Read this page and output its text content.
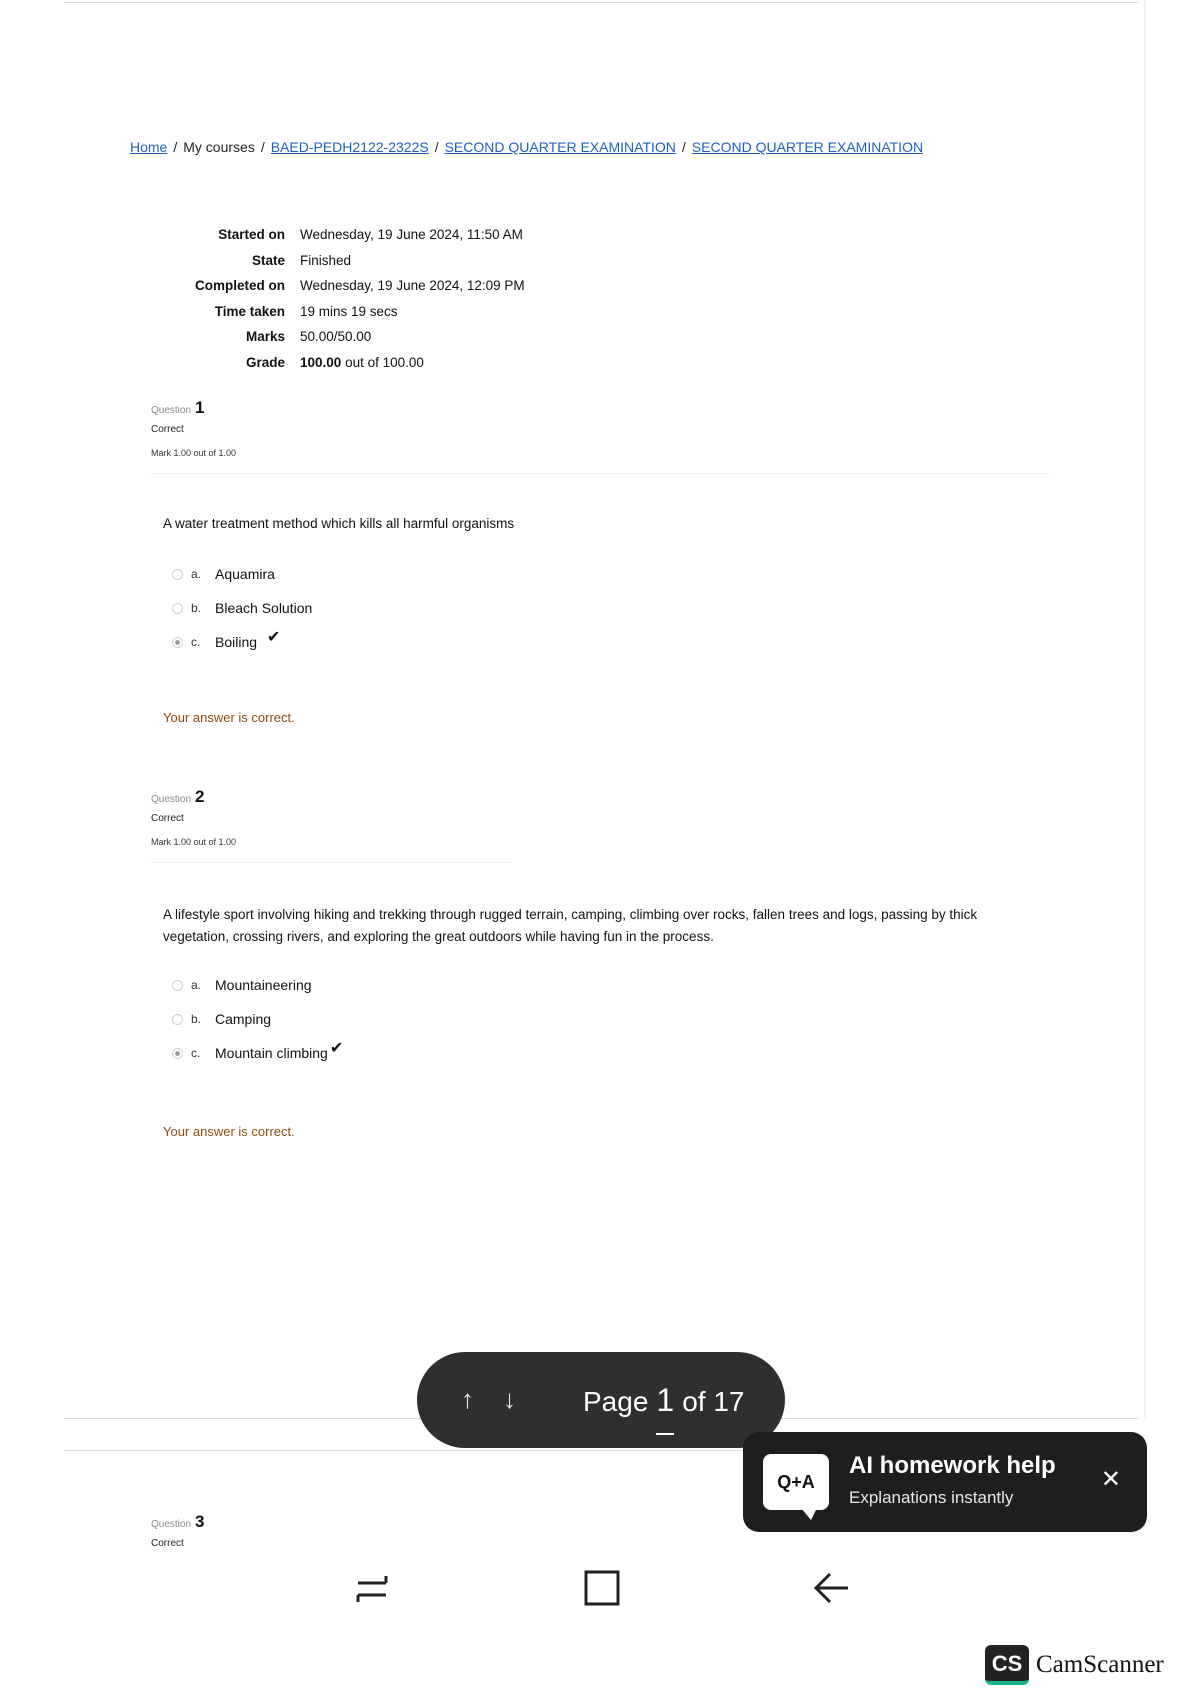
Home / My courses / BAED-PEDH2122-2322S / SECOND QUARTER EXAMINATION / SECOND QUARTER EXAMINATION
Started on	Wednesday, 19 June 2024, 11:50 AM
State	Finished
Completed on	Wednesday, 19 June 2024, 12:09 PM
Time taken	19 mins 19 secs
Marks	50.00/50.00
Grade	100.00 out of 100.00
Question 1
Correct
Mark 1.00 out of 1.00
A water treatment method which kills all harmful organisms
a. Aquamira
b. Bleach Solution
c.	Boiling ✔
Your answer is correct.
Question 2
Correct
Mark 1.00 out of 1.00
A lifestyle sport involving hiking and trekking through rugged terrain, camping, climbing over rocks, fallen trees and logs, passing by thick vegetation, crossing rivers, and exploring the great outdoors while having fun in the process.
a. Mountaineering
b. Camping
c.	Mountain climbing ✔
Your answer is correct.
Question 3
Correct
↑ ↓ Page 1 of 17
Q+A
AI homework help
Explanations instantly
✕
CS CamScanner
